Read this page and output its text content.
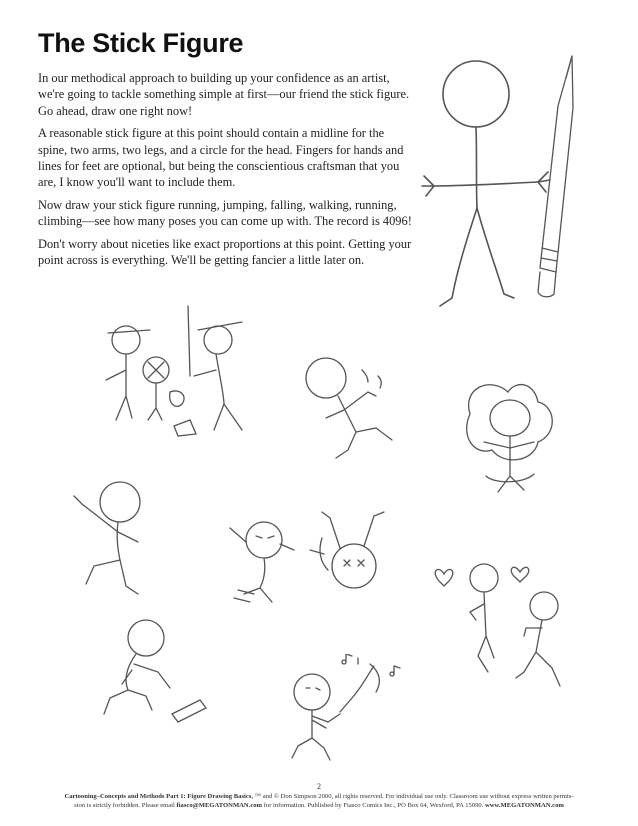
The Stick Figure

In our methodical approach to building up your confidence as an artist, we're going to tackle something simple at first—our friend the stick figure. Go ahead, draw one right now!

A reasonable stick figure at this point should contain a midline for the spine, two arms, two legs, and a circle for the head. Fingers for hands and lines for feet are optional, but being the conscientious craftsman that you are, I know you'll want to include them.

Now draw your stick figure running, jumping, falling, walking, running, climbing—see how many poses you can come up with. The record is 4096!

Don't worry about niceties like exact proportions at this point. Getting your point across is everything. We'll be getting fancier a little later on.

2
Cartooning–Concepts and Methods Part 1: Figure Drawing Basics, ™ and © Don Simpson 2000, all rights reserved. For individual use only. Classroom use without express written permis-
sion is strictly forbidden. Please email fiasco@MEGATONMAN.com for information. Published by Fiasco Comics Inc., PO Box 64, Wexford, PA 15090. www.MEGATONMAN.com
